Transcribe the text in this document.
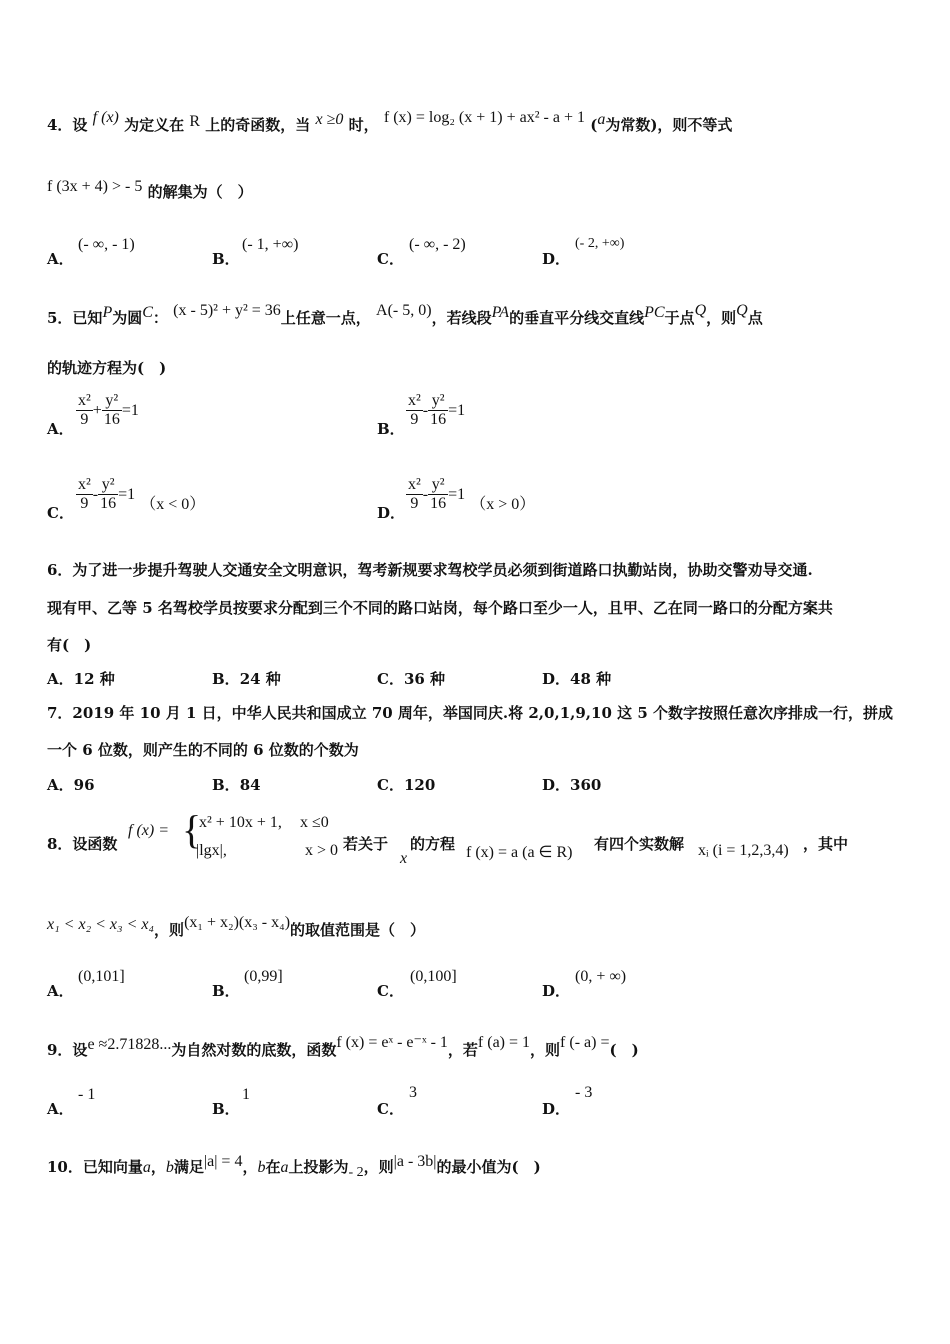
4．设 f (x) 为定义在 R 上的奇函数，当 x ≥0 时， f (x) = log₂ (x + 1) + ax² - a + 1 (a为常数)，则不等式
f (3x + 4) > - 5 的解集为（　）
A．
(- ∞, - 1)
B．
(- 1, +∞)
C．
(- ∞, - 2)
D．
(- 2, +∞)
5．已知P为圆C： (x - 5)² + y² = 36上任意一点， A(- 5, 0)，若线段PA的垂直平分线交直线PC于点Q，则Q点
的轨迹方程为(　)
A． $\frac{\text{x²}}{9} + \frac{\text{y²}}{16} =1$
B． $\frac{\text{x²}}{9} - \frac{\text{y²}}{16} =1$
C． $\frac{\text{x²}}{9} - \frac{\text{y²}}{16} =1$ （x < 0）	D． $\frac{\text{x²}}{9} - \frac{\text{y²}}{16} =1$ （x > 0）
6．为了进一步提升驾驶人交通安全文明意识，驾考新规要求驾校学员必须到街道路口执勤站岗，协助交警劝导交通.
现有甲、乙等 5 名驾校学员按要求分配到三个不同的路口站岗，每个路口至少一人，且甲、乙在同一路口的分配方案共
有(　)
A．12 种	B．24 种	C．36 种	D．48 种
7．2019 年 10 月 1 日，中华人民共和国成立 70 周年，举国同庆.将 2,0,1,9,10 这 5 个数字按照任意次序排成一行，拼成
一个 6 位数，则产生的不同的 6 位数的个数为
A．96	B．84	C．120	D．360
8．设函数
f (x) = {
x² + 10x + 1, x ≤0
|lgx|,	x > 0 若关于
x
的方程 f (x) = a (a ∈ R) 有四个实数解 xᵢ (i = 1,2,3,4) ，其中
x₁ < x₂ < x₃ < x₄，则(x₁ + x₂)(x₃ - x₄)的取值范围是（　）
A．
(0,101]
B．
(0,99]
C．
(0,100]
D．
(0, + ∞)
9．设e ≈2.71828...为自然对数的底数，函数f (x) = eˣ - e⁻ˣ - 1，若f (a) = 1，则f (- a) =(　)
A．
- 1
B．
1
C．
3
D．
- 3
10．已知向量a，b满足|a| = 4，b在a上投影为- 2，则|a - 3b|的最小值为(　)
